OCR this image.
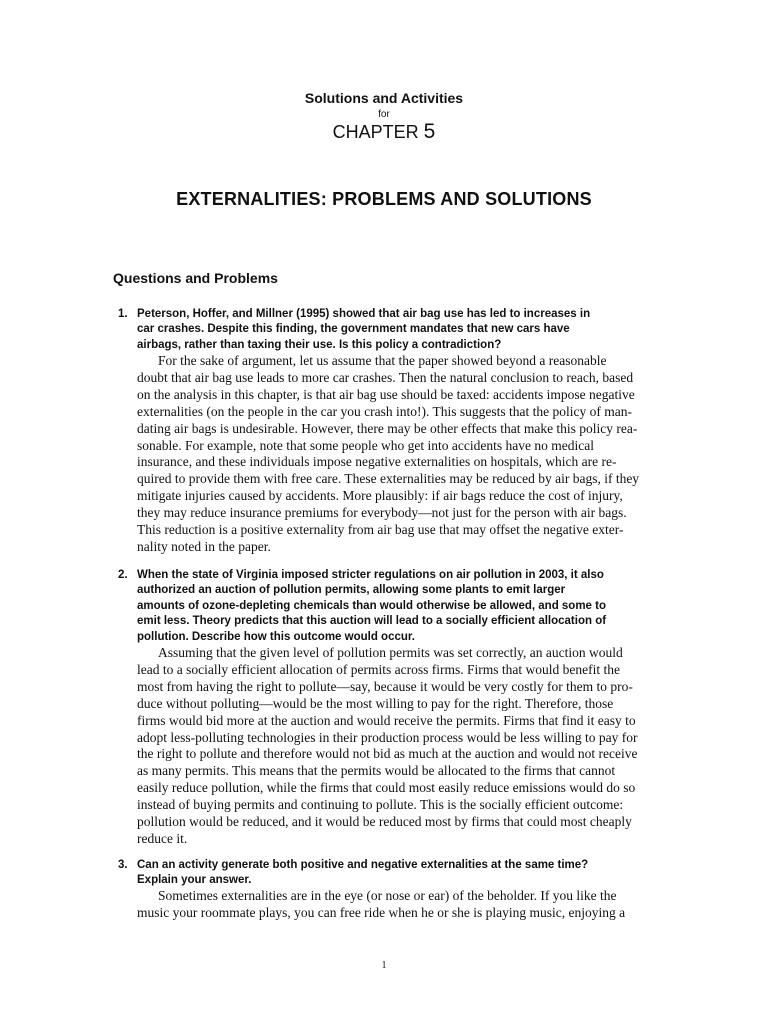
Solutions and Activities
for
CHAPTER 5
EXTERNALITIES: PROBLEMS AND SOLUTIONS
Questions and Problems
1. Peterson, Hoffer, and Millner (1995) showed that air bag use has led to increases in
car crashes. Despite this finding, the government mandates that new cars have
airbags, rather than taxing their use. Is this policy a contradiction?
For the sake of argument, let us assume that the paper showed beyond a reasonable
doubt that air bag use leads to more car crashes. Then the natural conclusion to reach, based
on the analysis in this chapter, is that air bag use should be taxed: accidents impose negative
externalities (on the people in the car you crash into!). This suggests that the policy of man-
dating air bags is undesirable. However, there may be other effects that make this policy rea-
sonable. For example, note that some people who get into accidents have no medical
insurance, and these individuals impose negative externalities on hospitals, which are re-
quired to provide them with free care. These externalities may be reduced by air bags, if they
mitigate injuries caused by accidents. More plausibly: if air bags reduce the cost of injury,
they may reduce insurance premiums for everybody—not just for the person with air bags.
This reduction is a positive externality from air bag use that may offset the negative exter-
nality noted in the paper.
2. When the state of Virginia imposed stricter regulations on air pollution in 2003, it also
authorized an auction of pollution permits, allowing some plants to emit larger
amounts of ozone-depleting chemicals than would otherwise be allowed, and some to
emit less. Theory predicts that this auction will lead to a socially efficient allocation of
pollution. Describe how this outcome would occur.
Assuming that the given level of pollution permits was set correctly, an auction would
lead to a socially efficient allocation of permits across firms. Firms that would benefit the
most from having the right to pollute—say, because it would be very costly for them to pro-
duce without polluting—would be the most willing to pay for the right. Therefore, those
firms would bid more at the auction and would receive the permits. Firms that find it easy to
adopt less-polluting technologies in their production process would be less willing to pay for
the right to pollute and therefore would not bid as much at the auction and would not receive
as many permits. This means that the permits would be allocated to the firms that cannot
easily reduce pollution, while the firms that could most easily reduce emissions would do so
instead of buying permits and continuing to pollute. This is the socially efficient outcome:
pollution would be reduced, and it would be reduced most by firms that could most cheaply
reduce it.
3. Can an activity generate both positive and negative externalities at the same time?
Explain your answer.
Sometimes externalities are in the eye (or nose or ear) of the beholder. If you like the
music your roommate plays, you can free ride when he or she is playing music, enjoying a
1
